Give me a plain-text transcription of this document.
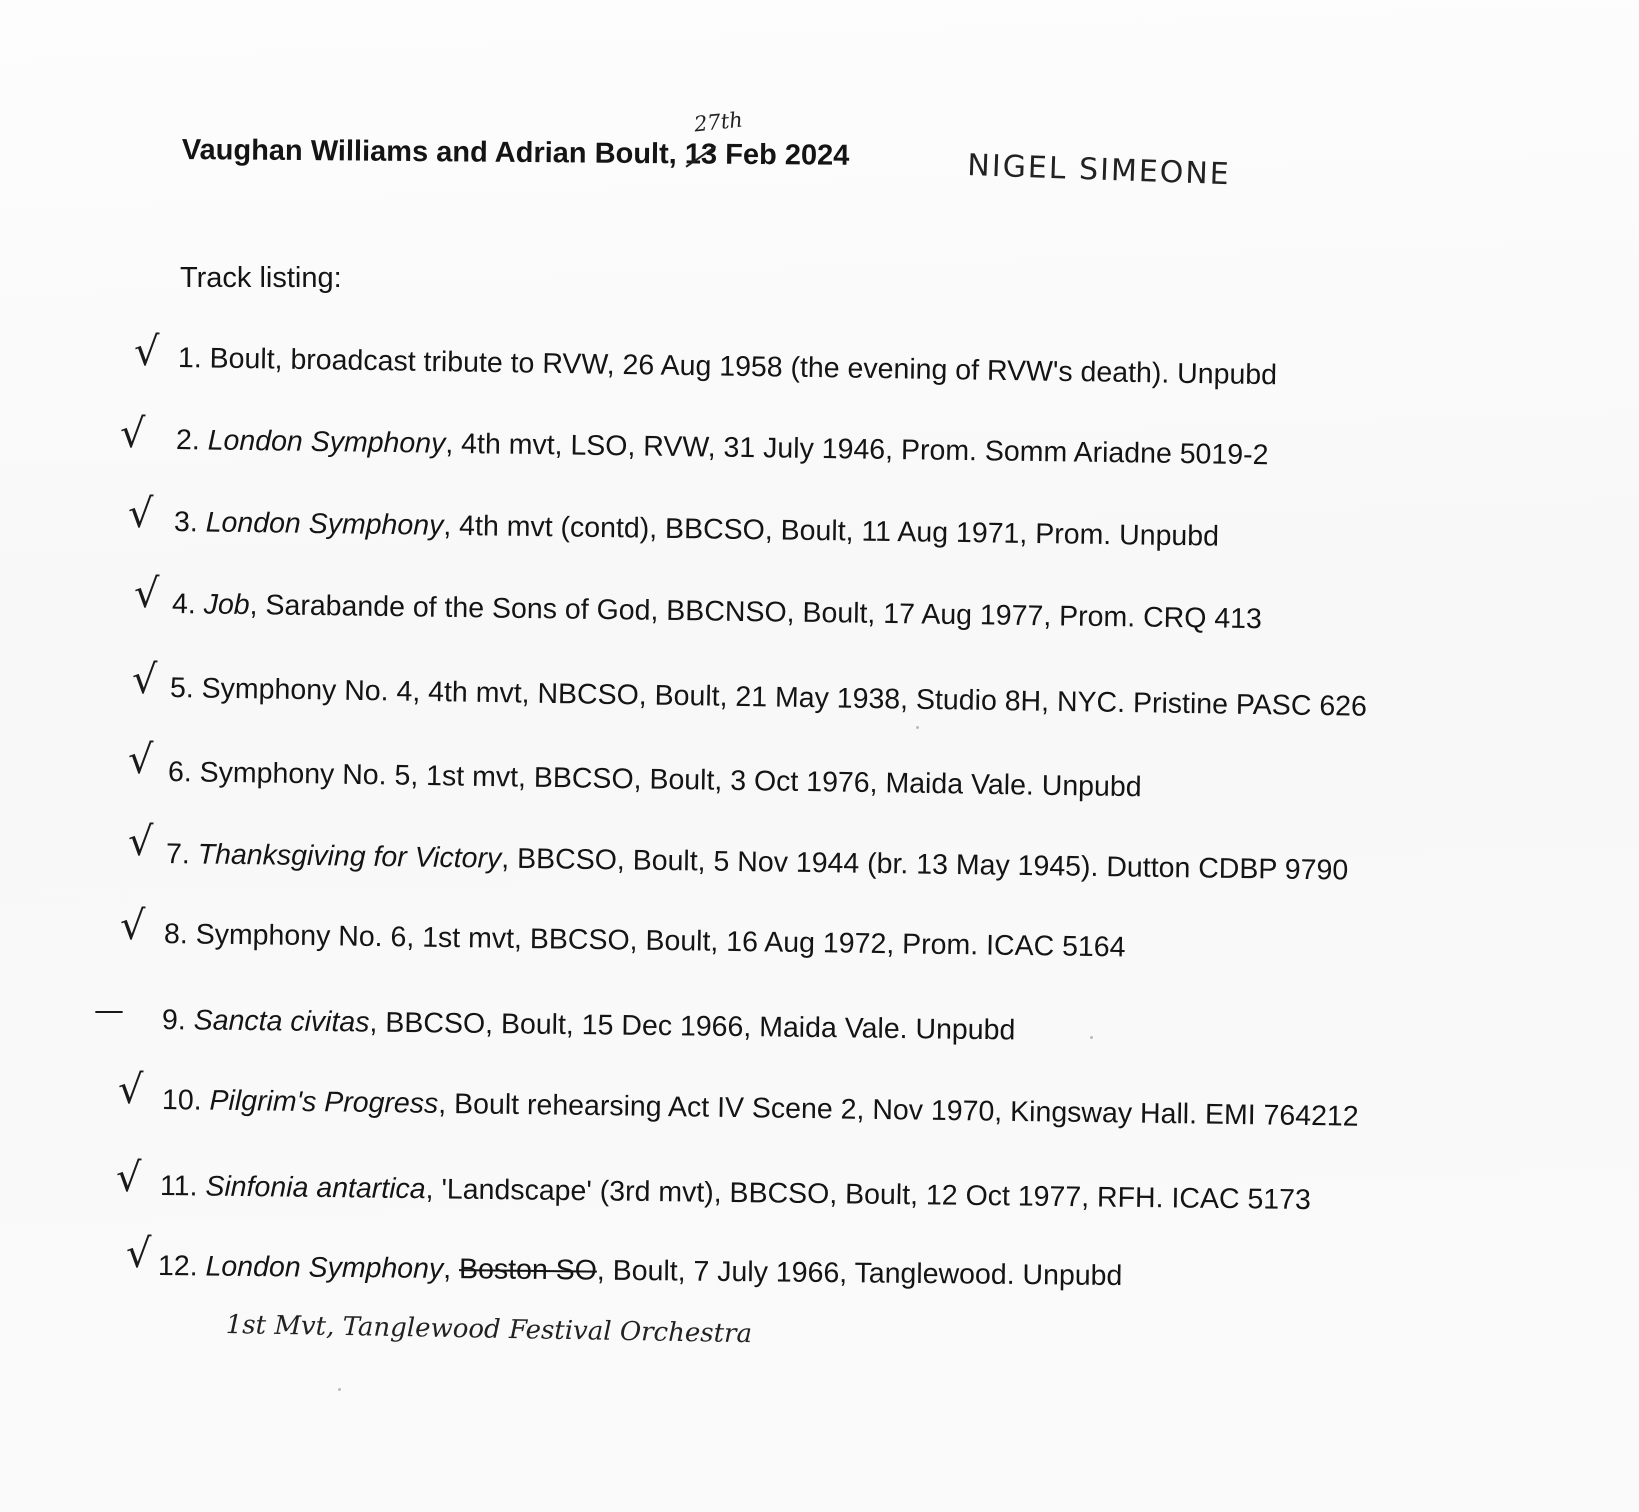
Vaughan Williams and Adrian Boult, 13 Feb 2024
27th
NIGEL SIMEONE
Track listing:
√ 1. Boult, broadcast tribute to RVW, 26 Aug 1958 (the evening of RVW's death). Unpubd
√ 2. London Symphony, 4th mvt, LSO, RVW, 31 July 1946, Prom. Somm Ariadne 5019-2
√ 3. London Symphony, 4th mvt (contd), BBCSO, Boult, 11 Aug 1971, Prom. Unpubd
√ 4. Job, Sarabande of the Sons of God, BBCNSO, Boult, 17 Aug 1977, Prom. CRQ 413
√ 5. Symphony No. 4, 4th mvt, NBCSO, Boult, 21 May 1938, Studio 8H, NYC. Pristine PASC 626
√ 6. Symphony No. 5, 1st mvt, BBCSO, Boult, 3 Oct 1976, Maida Vale. Unpubd
√ 7. Thanksgiving for Victory, BBCSO, Boult, 5 Nov 1944 (br. 13 May 1945). Dutton CDBP 9790
√ 8. Symphony No. 6, 1st mvt, BBCSO, Boult, 16 Aug 1972, Prom. ICAC 5164
— 9. Sancta civitas, BBCSO, Boult, 15 Dec 1966, Maida Vale. Unpubd
√ 10. Pilgrim's Progress, Boult rehearsing Act IV Scene 2, Nov 1970, Kingsway Hall. EMI 764212
√ 11. Sinfonia antartica, 'Landscape' (3rd mvt), BBCSO, Boult, 12 Oct 1977, RFH. ICAC 5173
√ 12. London Symphony, Boston SO, Boult, 7 July 1966, Tanglewood. Unpubd
1st Mvt, Tanglewood Festival Orchestra
